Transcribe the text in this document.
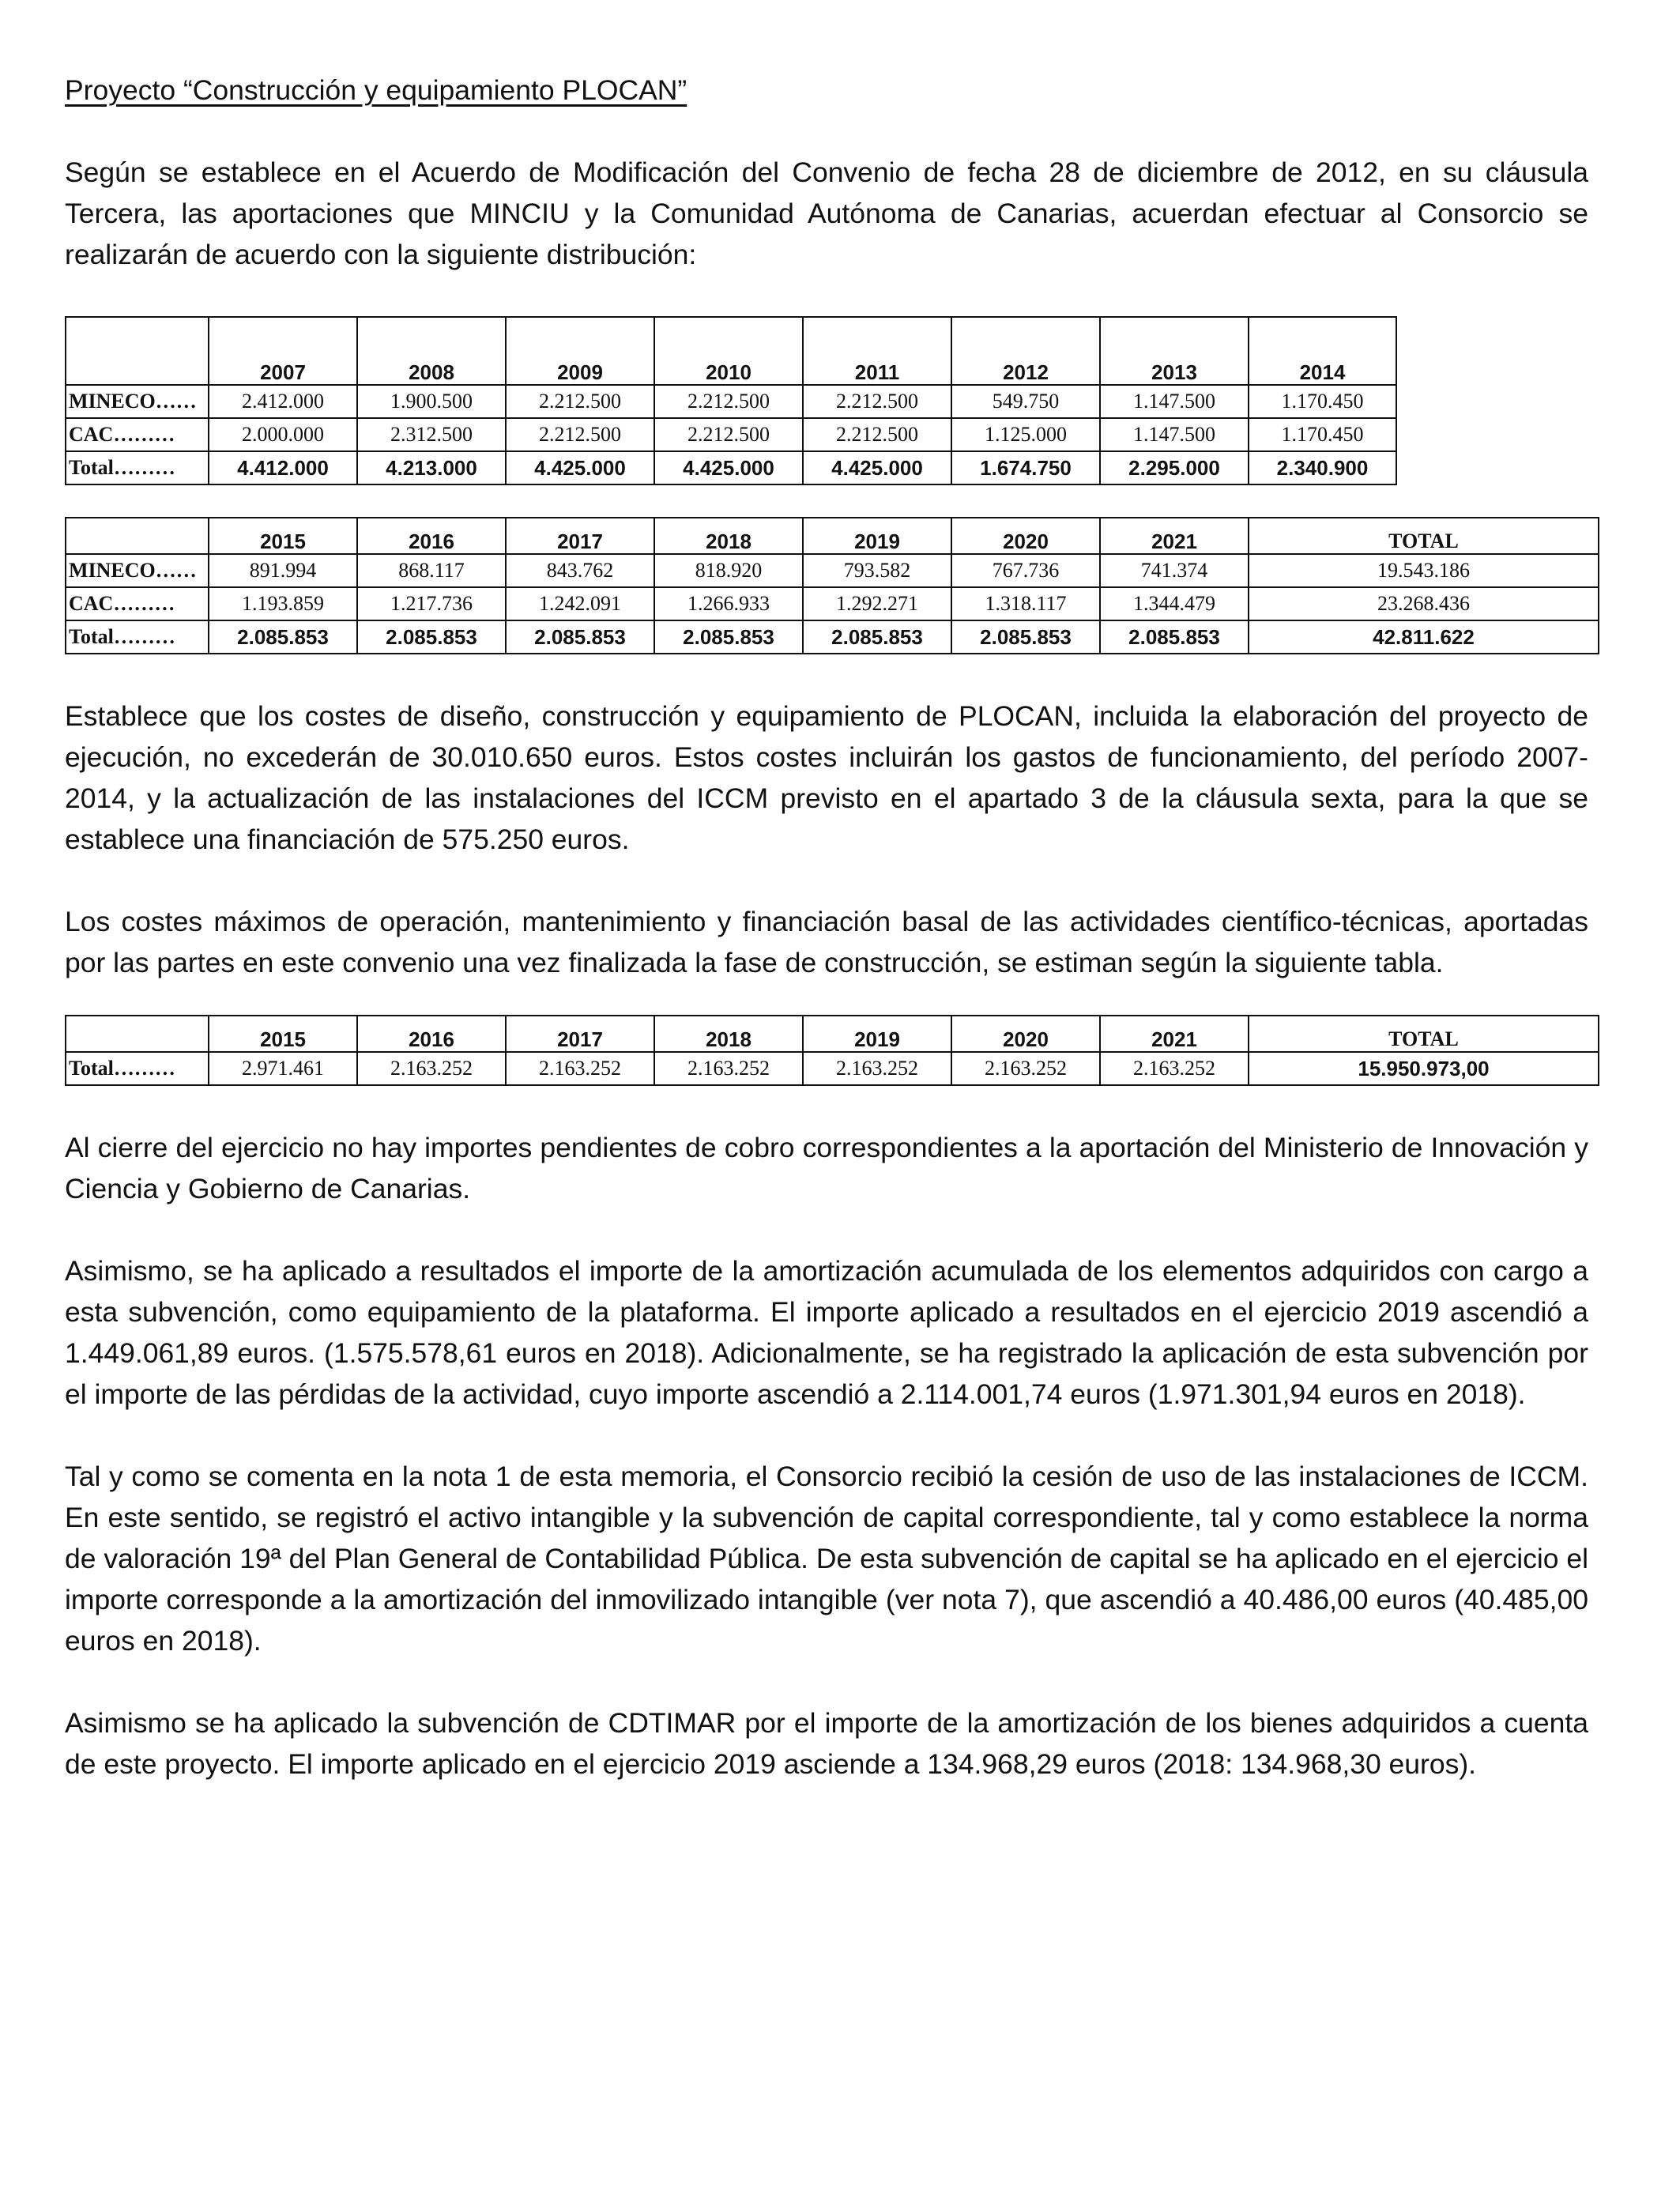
Proyecto “Construcción y equipamiento PLOCAN”

Según se establece en el Acuerdo de Modificación del Convenio de fecha 28 de diciembre de 2012, en su cláusula Tercera, las aportaciones que MINCIU y la Comunidad Autónoma de Canarias, acuerdan efectuar al Consorcio se realizarán de acuerdo con la siguiente distribución:

	2007	2008	2009	2010	2011	2012	2013	2014
MINECO……	2.412.000	1.900.500	2.212.500	2.212.500	2.212.500	549.750	1.147.500	1.170.450
CAC………	2.000.000	2.312.500	2.212.500	2.212.500	2.212.500	1.125.000	1.147.500	1.170.450
Total………	4.412.000	4.213.000	4.425.000	4.425.000	4.425.000	1.674.750	2.295.000	2.340.900
	2015	2016	2017	2018	2019	2020	2021	TOTAL
MINECO……	891.994	868.117	843.762	818.920	793.582	767.736	741.374	19.543.186
CAC………	1.193.859	1.217.736	1.242.091	1.266.933	1.292.271	1.318.117	1.344.479	23.268.436
Total………	2.085.853	2.085.853	2.085.853	2.085.853	2.085.853	2.085.853	2.085.853	42.811.622

Establece que los costes de diseño, construcción y equipamiento de PLOCAN, incluida la elaboración del proyecto de ejecución, no excederán de 30.010.650 euros. Estos costes incluirán los gastos de funcionamiento, del período 2007-2014, y la actualización de las instalaciones del ICCM previsto en el apartado 3 de la cláusula sexta, para la que se establece una financiación de 575.250 euros.

Los costes máximos de operación, mantenimiento y financiación basal de las actividades científico-técnicas, aportadas por las partes en este convenio una vez finalizada la fase de construcción, se estiman según la siguiente tabla.

	2015	2016	2017	2018	2019	2020	2021	TOTAL
Total………	2.971.461	2.163.252	2.163.252	2.163.252	2.163.252	2.163.252	2.163.252	15.950.973,00

Al cierre del ejercicio no hay importes pendientes de cobro correspondientes a la aportación del Ministerio de Innovación y Ciencia y Gobierno de Canarias.

Asimismo, se ha aplicado a resultados el importe de la amortización acumulada de los elementos adquiridos con cargo a esta subvención, como equipamiento de la plataforma. El importe aplicado a resultados en el ejercicio 2019 ascendió a 1.449.061,89 euros. (1.575.578,61 euros en 2018). Adicionalmente, se ha registrado la aplicación de esta subvención por el importe de las pérdidas de la actividad, cuyo importe ascendió a 2.114.001,74 euros (1.971.301,94 euros en 2018).

Tal y como se comenta en la nota 1 de esta memoria, el Consorcio recibió la cesión de uso de las instalaciones de ICCM. En este sentido, se registró el activo intangible y la subvención de capital correspondiente, tal y como establece la norma de valoración 19ª del Plan General de Contabilidad Pública. De esta subvención de capital se ha aplicado en el ejercicio el importe corresponde a la amortización del inmovilizado intangible (ver nota 7), que ascendió a 40.486,00 euros (40.485,00 euros en 2018).

Asimismo se ha aplicado la subvención de CDTIMAR por el importe de la amortización de los bienes adquiridos a cuenta de este proyecto. El importe aplicado en el ejercicio 2019 asciende a 134.968,29 euros (2018: 134.968,30 euros).
